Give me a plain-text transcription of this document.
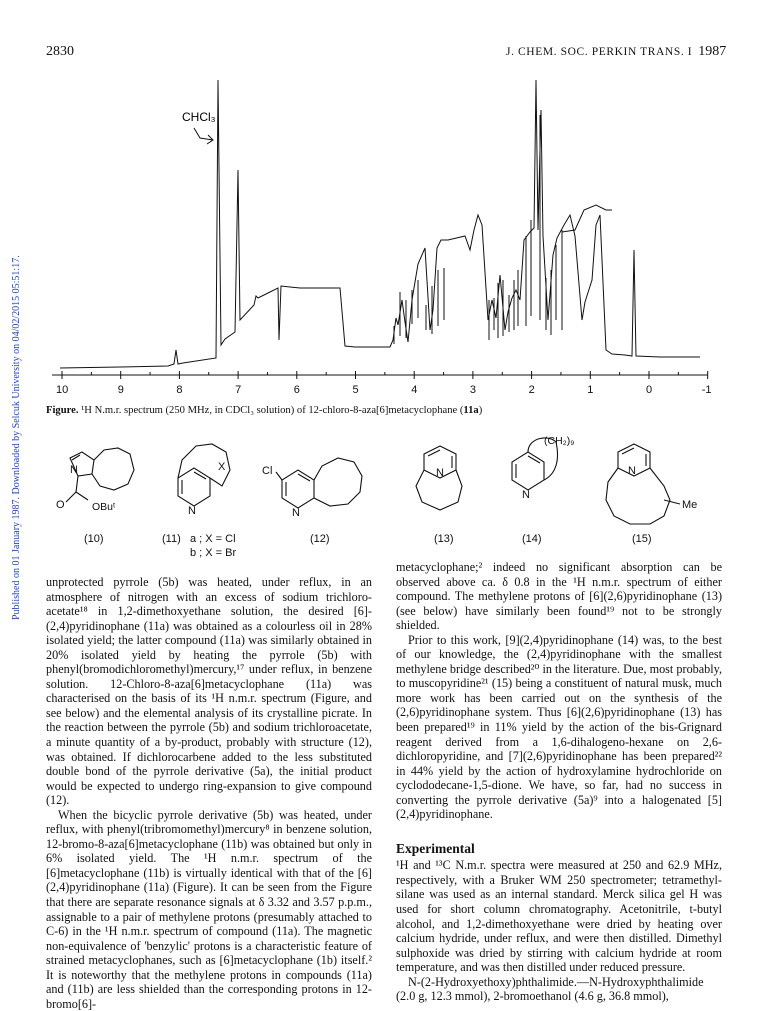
Published on 01 January 1987. Downloaded by Selcuk University on 04/02/2015 05:51:17.
2830	J. CHEM. SOC. PERKIN TRANS. I 1987
CHCl₃
10	9	8	7	6	5	4	3	2	1	0	-1
Figure. ¹H N.m.r. spectrum (250 MHz, in CDCl₃ solution) of 12-chloro-8-aza[6]metacyclophane (11a)
N
O	OBuᵗ
(10)
X
N
(11) a ; X = Cl
b ; X = Br
Cl
N
(12)
N
(13)
(CH₂)₉
N
(14)
N
Me
(15)

unprotected pyrrole (5b) was heated, under reflux, in an atmosphere of nitrogen with an excess of sodium trichloro-acetate¹⁸ in 1,2-dimethoxyethane solution, the desired [6]-(2,4)pyridinophane (11a) was obtained as a colourless oil in 28% isolated yield; the latter compound (11a) was similarly obtained in 20% isolated yield by heating the pyrrole (5b) with phenyl(bromodichloromethyl)mercury,¹⁷ under reflux, in benzene solution. 12-Chloro-8-aza[6]metacyclophane (11a) was characterised on the basis of its ¹H n.m.r. spectrum (Figure, and see below) and the elemental analysis of its crystalline picrate. In the reaction between the pyrrole (5b) and sodium trichloroacetate, a minute quantity of a by-product, probably with structure (12), was obtained. If dichlorocarbene added to the less substituted double bond of the pyrrole derivative (5a), the initial product would be expected to undergo ring-expansion to give compound (12).

When the bicyclic pyrrole derivative (5b) was heated, under reflux, with phenyl(tribromomethyl)mercury⁸ in benzene solution, 12-bromo-8-aza[6]metacyclophane (11b) was obtained but only in 6% isolated yield. The ¹H n.m.r. spectrum of the [6]metacyclophane (11b) is virtually identical with that of the [6](2,4)pyridinophane (11a) (Figure). It can be seen from the Figure that there are separate resonance signals at δ 3.32 and 3.57 p.p.m., assignable to a pair of methylene protons (presumably attached to C-6) in the ¹H n.m.r. spectrum of compound (11a). The magnetic non-equivalence of 'benzylic' protons is a characteristic feature of strained metacyclophanes, such as [6]metacyclophane (1b) itself.² It is noteworthy that the methylene protons in compounds (11a) and (11b) are less shielded than the corresponding protons in 12-bromo[6]-

metacyclophane;² indeed no significant absorption can be observed above ca. δ 0.8 in the ¹H n.m.r. spectrum of either compound. The methylene protons of [6](2,6)pyridinophane (13) (see below) have similarly been found¹⁹ not to be strongly shielded.

Prior to this work, [9](2,4)pyridinophane (14) was, to the best of our knowledge, the (2,4)pyridinophane with the smallest methylene bridge described²⁰ in the literature. Due, most probably, to muscopyridine²¹ (15) being a constituent of natural musk, much more work has been carried out on the synthesis of the (2,6)pyridinophane system. Thus [6](2,6)pyridinophane (13) has been prepared¹⁹ in 11% yield by the action of the bis-Grignard reagent derived from a 1,6-dihalogeno-hexane on 2,6-dichloropyridine, and [7](2,6)pyridinophane has been prepared²² in 44% yield by the action of hydroxylamine hydrochloride on cyclododecane-1,5-dione. We have, so far, had no success in converting the pyrrole derivative (5a)⁹ into a halogenated [5](2,4)pyridinophane.

Experimental

¹H and ¹³C N.m.r. spectra were measured at 250 and 62.9 MHz, respectively, with a Bruker WM 250 spectrometer; tetramethyl-silane was used as an internal standard. Merck silica gel H was used for short column chromatography. Acetonitrile, t-butyl alcohol, and 1,2-dimethoxyethane were dried by heating over calcium hydride, under reflux, and were then distilled. Dimethyl sulphoxide was dried by stirring with calcium hydride at room temperature, and was then distilled under reduced pressure.

N-(2-Hydroxyethoxy)phthalimide.—N-Hydroxyphthalimide (2.0 g, 12.3 mmol), 2-bromoethanol (4.6 g, 36.8 mmol),
